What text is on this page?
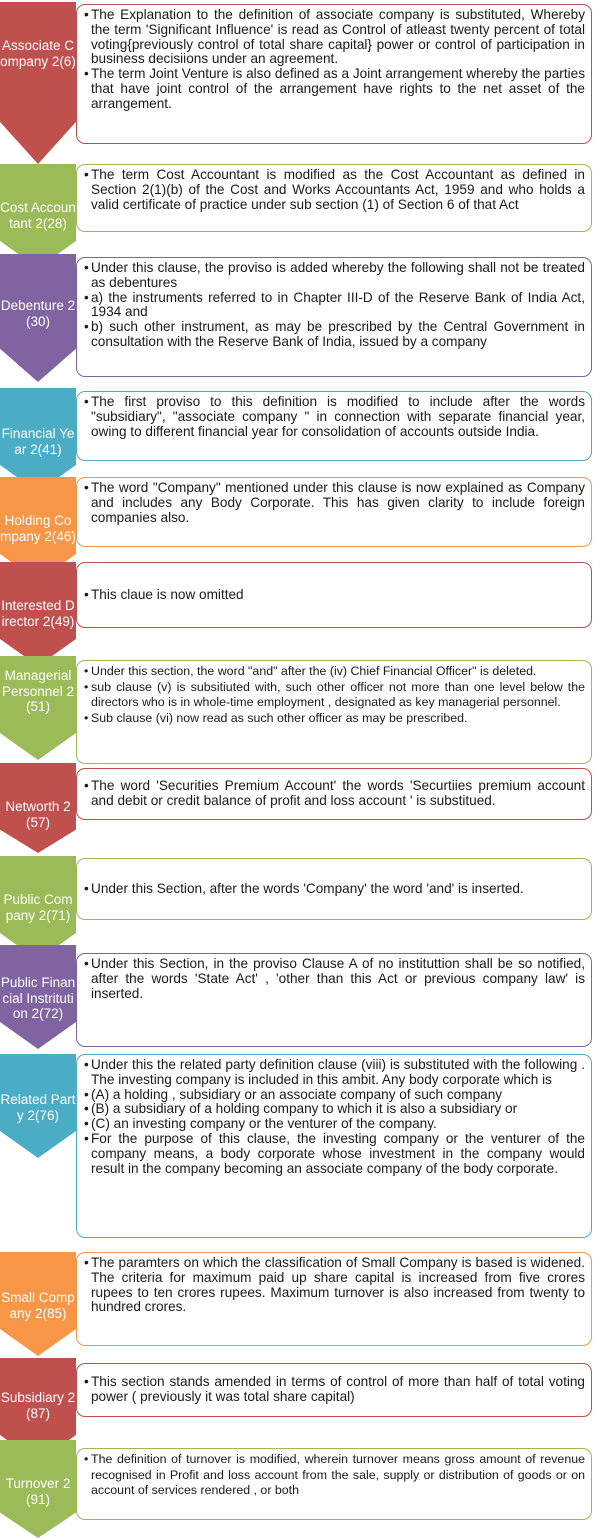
Associate Company 2(6)
• The Explanation to the definition of associate company is substituted, Whereby the term 'Significant Influence' is read as Control of atleast twenty percent of total voting{previously control of total share capital} power or control of participation in business decisiions under an agreement.
• The term Joint Venture is also defined as a Joint arrangement whereby the parties that have joint control of the arrangement have rights to the net asset of the arrangement.
Cost Accountant 2(28)
• The term Cost Accountant is modified as the Cost Accountant as defined in Section 2(1)(b) of the Cost and Works Accountants Act, 1959 and who holds a valid certificate of practice under sub section (1) of Section 6 of that Act
Debenture 2(30)
• Under this clause, the proviso is added whereby the following shall not be treated as debentures
• a) the instruments referred to in Chapter III-D of the Reserve Bank of India Act, 1934 and
• b) such other instrument, as may be prescribed by the Central Government in consultation with the Reserve Bank of India, issued by a company
Financial Year 2(41)
• The first proviso to this definition is modified to include after the words "subsidiary", "associate company " in connection with separate financial year, owing to different financial year for consolidation of accounts outside India.
Holding Company 2(46)
• The word "Company" mentioned under this clause is now explained as Company and includes any Body Corporate. This has given clarity to include foreign companies also.
Interested Director 2(49)
• This claue is now omitted
Managerial Personnel 2(51)
• Under this section, the word "and" after the (iv) Chief Financial Officer" is deleted.
• sub clause (v) is subsitiuted with, such other officer not more than one level below the directors who is in whole-time employment , designated as key managerial personnel.
• Sub clause (vi) now read as such other officer as may be prescribed.
Networth 2(57)
• The word 'Securities Premium Account' the words 'Securtiies premium account and debit or credit balance of profit and loss account ' is substitued.
Public Company 2(71)
• Under this Section, after the words 'Company' the word 'and' is inserted.
Public Financial Instritution 2(72)
• Under this Section, in the proviso Clause A of no instituttion shall be so notified, after the words 'State Act' , 'other than this Act or previous company law' is inserted.
Related Party 2(76)
• Under this the related party definition clause (viii) is substituted with the following . The investing company is included in this ambit. Any body corporate which is
• (A) a holding , subsidiary or an associate company of such company
• (B) a subsidiary of a holding company to which it is also a subsidiary or
• (C) an investing company or the venturer of the company.
• For the purpose of this clause, the investing company or the venturer of the company means, a body corporate whose investment in the company would result in the company becoming an associate company of the body corporate.
Small Company 2(85)
• The paramters on which the classification of Small Company is based is widened. The criteria for maximum paid up share capital is increased from five crores rupees to ten crores rupees. Maximum turnover is also increased from twenty to hundred crores.
Subsidiary 2(87)
• This section stands amended in terms of control of more than half of total voting power ( previously it was total share capital)
Turnover 2(91)
• The definition of turnover is modified, wherein turnover means gross amount of revenue recognised in Profit and loss account from the sale, supply or distribution of goods or on account of services rendered , or both
